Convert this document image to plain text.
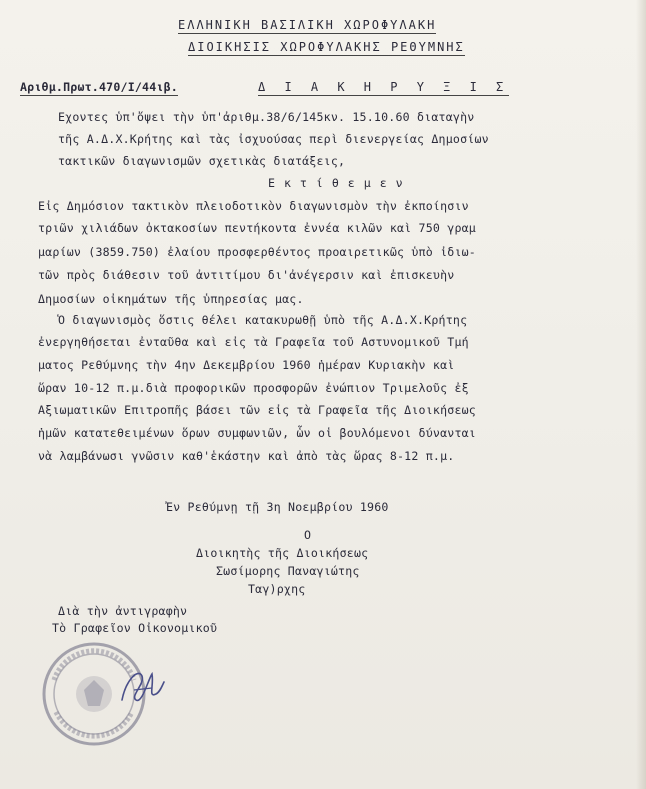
ΕΛΛΗΝΙΚΗ ΒΑΣΙΛΙΚΗ ΧΩΡΟΦΥΛΑΚΗ
ΔΙΟΙΚΗΣΙΣ ΧΩΡΟΦΥΛΑΚΗΣ ΡΕΘΥΜΝΗΣ
Αριθμ.Πρωτ.470/Ι/44ιβ.	Δ Ι Α Κ Η Ρ Υ Ξ Ι Σ
Εχοντες ὑπ'ὄψει τὴν ὑπ'ἀριθμ.38/6/145κν. 15.10.60 διαταγὴν
τῆς Α.Δ.Χ.Κρήτης καὶ τὰς ἰσχυούσας περὶ διενεργείας Δημοσίων
τακτικῶν διαγωνισμῶν σχετικὰς διατάξεις,
Ε κ τ ί θ ε μ ε ν
Εἰς Δημόσιον τακτικὸν πλειοδοτικὸν διαγωνισμὸν τὴν ἐκποίησιν
τριῶν χιλιάδων ὀκτακοσίων πεντήκοντα ἐννέα κιλῶν καὶ 750 γραμ
μαρίων (3859.750) ἐλαίου προσφερθέντος προαιρετικῶς ὑπὸ ἰδιω-
τῶν πρὸς διάθεσιν τοῦ ἀντιτίμου δι'ἀνέγερσιν καὶ ἐπισκευὴν
Δημοσίων οἰκημάτων τῆς ὑπηρεσίας μας.
Ὁ διαγωνισμὸς ὅστις θέλει κατακυρωθῇ ὑπὸ τῆς Α.Δ.Χ.Κρήτης
ἐνεργηθήσεται ἐνταῦθα καὶ εἰς τὰ Γραφεῖα τοῦ Αστυνομικοῦ Τμή
ματος Ρεθύμνης τὴν 4ην Δεκεμβρίου 1960 ἡμέραν Κυριακὴν καὶ
ὥραν 10-12 π.μ.διὰ προφορικῶν προσφορῶν ἐνώπιον Τριμελοῦς ἐξ
Αξιωματικῶν Επιτροπῆς βάσει τῶν εἰς τὰ Γραφεῖα τῆς Διοικήσεως
ἡμῶν κατατεθειμένων ὅρων συμφωνιῶν, ὧν οἱ βουλόμενοι δύνανται
νὰ λαμβάνωσι γνῶσιν καθ'ἑκάστην καὶ ἀπὸ τὰς ὥρας 8-12 π.μ.
Ἐν Ρεθύμνῃ τῇ 3η Νοεμβρίου 1960
Ο
Διοικητὴς τῆς Διοικήσεως
Σωσίμορης Παναγιώτης
Ταγ)ρχης
Διὰ τὴν ἀντιγραφὴν
Τὸ Γραφεῖον Οἰκονομικοῦ
